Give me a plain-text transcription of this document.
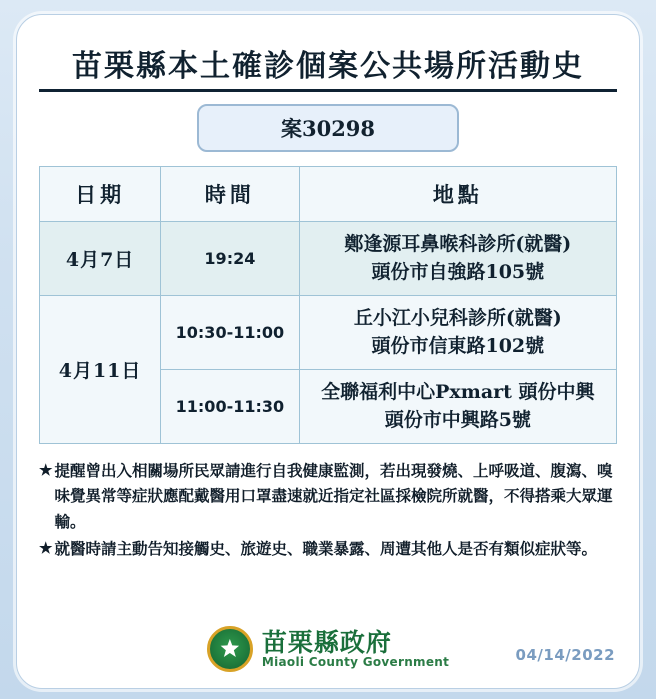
苗栗縣本土確診個案公共場所活動史
案30298
日期	時間	地點
4月7日	19:24	鄭逢源耳鼻喉科診所(就醫)
頭份市自強路105號

4月11日	10:30-11:00	丘小江小兒科診所(就醫)
頭份市信東路102號

	11:00-11:30	全聯福利中心Pxmart 頭份中興
頭份市中興路5號
★ 提醒曾出入相關場所民眾請進行自我健康監測，若出現發燒、上呼吸道、腹瀉、嗅味覺異常等症狀應配戴醫用口罩盡速就近指定社區採檢院所就醫，不得搭乘大眾運輸。
★ 就醫時請主動告知接觸史、旅遊史、職業暴露、周遭其他人是否有類似症狀等。
苗栗縣政府
Miaoli County Government	04/14/2022
